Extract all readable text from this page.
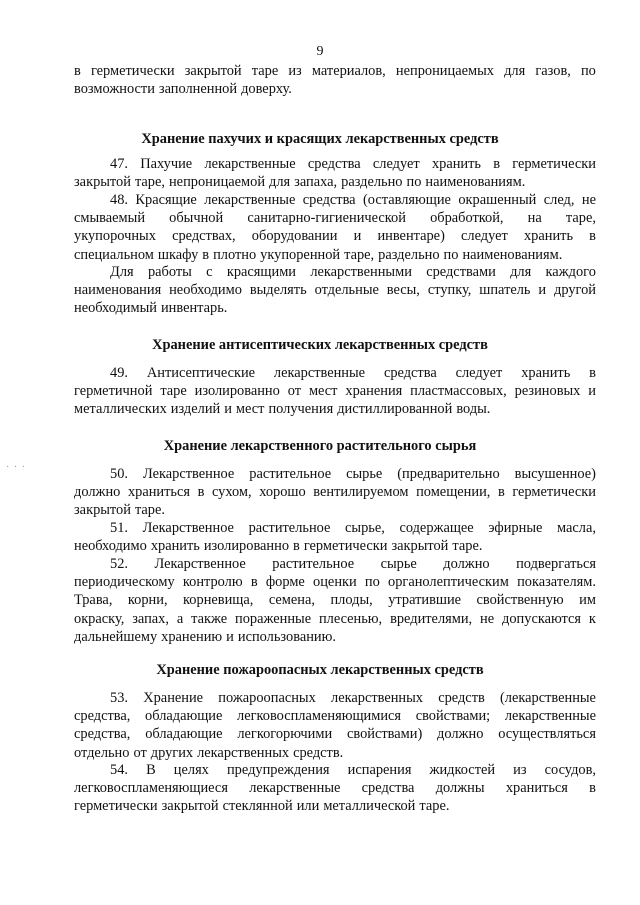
9
· · ·
в герметически закрытой таре из материалов, непроницаемых для газов, по
возможности заполненной доверху.
Хранение пахучих и красящих лекарственных средств
47. Пахучие лекарственные средства следует хранить в герметически
закрытой таре, непроницаемой для запаха, раздельно по наименованиям.
48. Красящие лекарственные средства (оставляющие окрашенный след, не
смываемый обычной санитарно-гигиенической обработкой, на таре,
укупорочных средствах, оборудовании и инвентаре) следует хранить в
специальном шкафу в плотно укупоренной таре, раздельно по наименованиям.
Для работы с красящими лекарственными средствами для каждого
наименования необходимо выделять отдельные весы, ступку, шпатель и другой
необходимый инвентарь.
Хранение антисептических лекарственных средств
49. Антисептические лекарственные средства следует хранить в
герметичной таре изолированно от мест хранения пластмассовых, резиновых и
металлических изделий и мест получения дистиллированной воды.
Хранение лекарственного растительного сырья
50. Лекарственное растительное сырье (предварительно высушенное)
должно храниться в сухом, хорошо вентилируемом помещении, в герметически
закрытой таре.
51. Лекарственное растительное сырье, содержащее эфирные масла,
необходимо хранить изолированно в герметически закрытой таре.
52. Лекарственное растительное сырье должно подвергаться
периодическому контролю в форме оценки по органолептическим показателям.
Трава, корни, корневища, семена, плоды, утратившие свойственную им
окраску, запах, а также пораженные плесенью, вредителями, не допускаются к
дальнейшему хранению и использованию.
Хранение пожароопасных лекарственных средств
53. Хранение пожароопасных лекарственных средств (лекарственные
средства, обладающие легковоспламеняющимися свойствами; лекарственные
средства, обладающие легкогорючими свойствами) должно осуществляться
отдельно от других лекарственных средств.
54. В целях предупреждения испарения жидкостей из сосудов,
легковоспламеняющиеся лекарственные средства должны храниться в
герметически закрытой стеклянной или металлической таре.
